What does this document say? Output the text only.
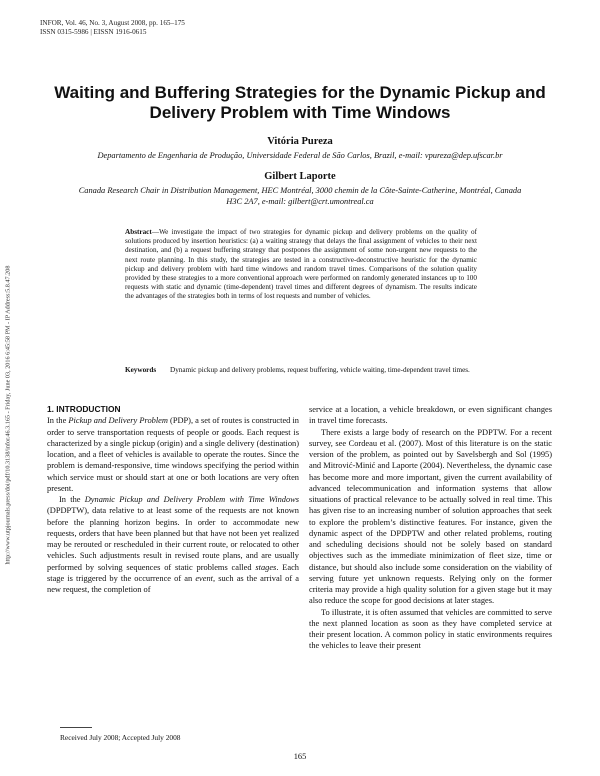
INFOR, Vol. 46, No. 3, August 2008, pp. 165–175
ISSN 0315-5986 | EISSN 1916-0615
http://www.utpjournals.press/doi/pdf/10.3138/infor.46.3.165 - Friday, June 03, 2016 6:45:58 PM - IP Address:5.8.47.208
Waiting and Buffering Strategies for the Dynamic Pickup and Delivery Problem with Time Windows
Vitória Pureza
Departamento de Engenharia de Produção, Universidade Federal de São Carlos, Brazil, e-mail: vpureza@dep.ufscar.br
Gilbert Laporte
Canada Research Chair in Distribution Management, HEC Montréal, 3000 chemin de la Côte-Sainte-Catherine, Montréal, Canada H3C 2A7, e-mail: gilbert@crt.umontreal.ca
Abstract—We investigate the impact of two strategies for dynamic pickup and delivery problems on the quality of solutions produced by insertion heuristics: (a) a waiting strategy that delays the final assignment of vehicles to their next destination, and (b) a request buffering strategy that postpones the assignment of some non-urgent new requests to the next route planning. In this study, the strategies are tested in a constructive-deconstructive heuristic for the dynamic pickup and delivery problem with hard time windows and random travel times. Comparisons of the solution quality provided by these strategies to a more conventional approach were performed on randomly generated instances up to 100 requests with static and dynamic (time-dependent) travel times and different degrees of dynamism. The results indicate the advantages of the strategies both in terms of lost requests and number of vehicles.
Keywords	Dynamic pickup and delivery problems, request buffering, vehicle waiting, time-dependent travel times.

1. INTRODUCTION

In the Pickup and Delivery Problem (PDP), a set of routes is constructed in order to serve transportation requests of people or goods. Each request is characterized by a single pickup (origin) and a single delivery (destination) location, and a fleet of vehicles is available to operate the routes. Since the problem is demand-responsive, time windows specifying the period within which service must or should start at one or both locations are very often present.

In the Dynamic Pickup and Delivery Problem with Time Windows (DPDPTW), data relative to at least some of the requests are not known before the planning horizon begins. In order to accommodate new requests, orders that have been planned but that have not been yet realized may be rerouted or rescheduled in their current route, or relocated to other vehicles. Such adjustments result in revised route plans, and are usually performed by solving sequences of static problems called stages. Each stage is triggered by the occurrence of an event, such as the arrival of a new request, the completion of

service at a location, a vehicle breakdown, or even significant changes in travel time forecasts.

There exists a large body of research on the PDPTW. For a recent survey, see Cordeau et al. (2007). Most of this literature is on the static version of the problem, as pointed out by Savelsbergh and Sol (1995) and Mitrović-Minić and Laporte (2004). Nevertheless, the dynamic case has become more and more important, given the current availability of advanced telecommunication and information systems that allow situations of practical relevance to be actually solved in real time. This has given rise to an increasing number of solution approaches that seek to explore the problem’s distinctive features. For instance, given the dynamic aspect of the DPDPTW and other related problems, routing and scheduling decisions should not be solely based on standard objectives such as the immediate minimization of fleet size, time or distance, but should also include some consideration on the viability of serving future yet unknown requests. Relying only on the former criteria may provide a high quality solution for a given stage but it may also reduce the scope for good decisions at later stages.

To illustrate, it is often assumed that vehicles are committed to serve the next planned location as soon as they have completed service at their present location. A common policy in static environments requires the vehicles to leave their present

Received July 2008; Accepted July 2008
165
